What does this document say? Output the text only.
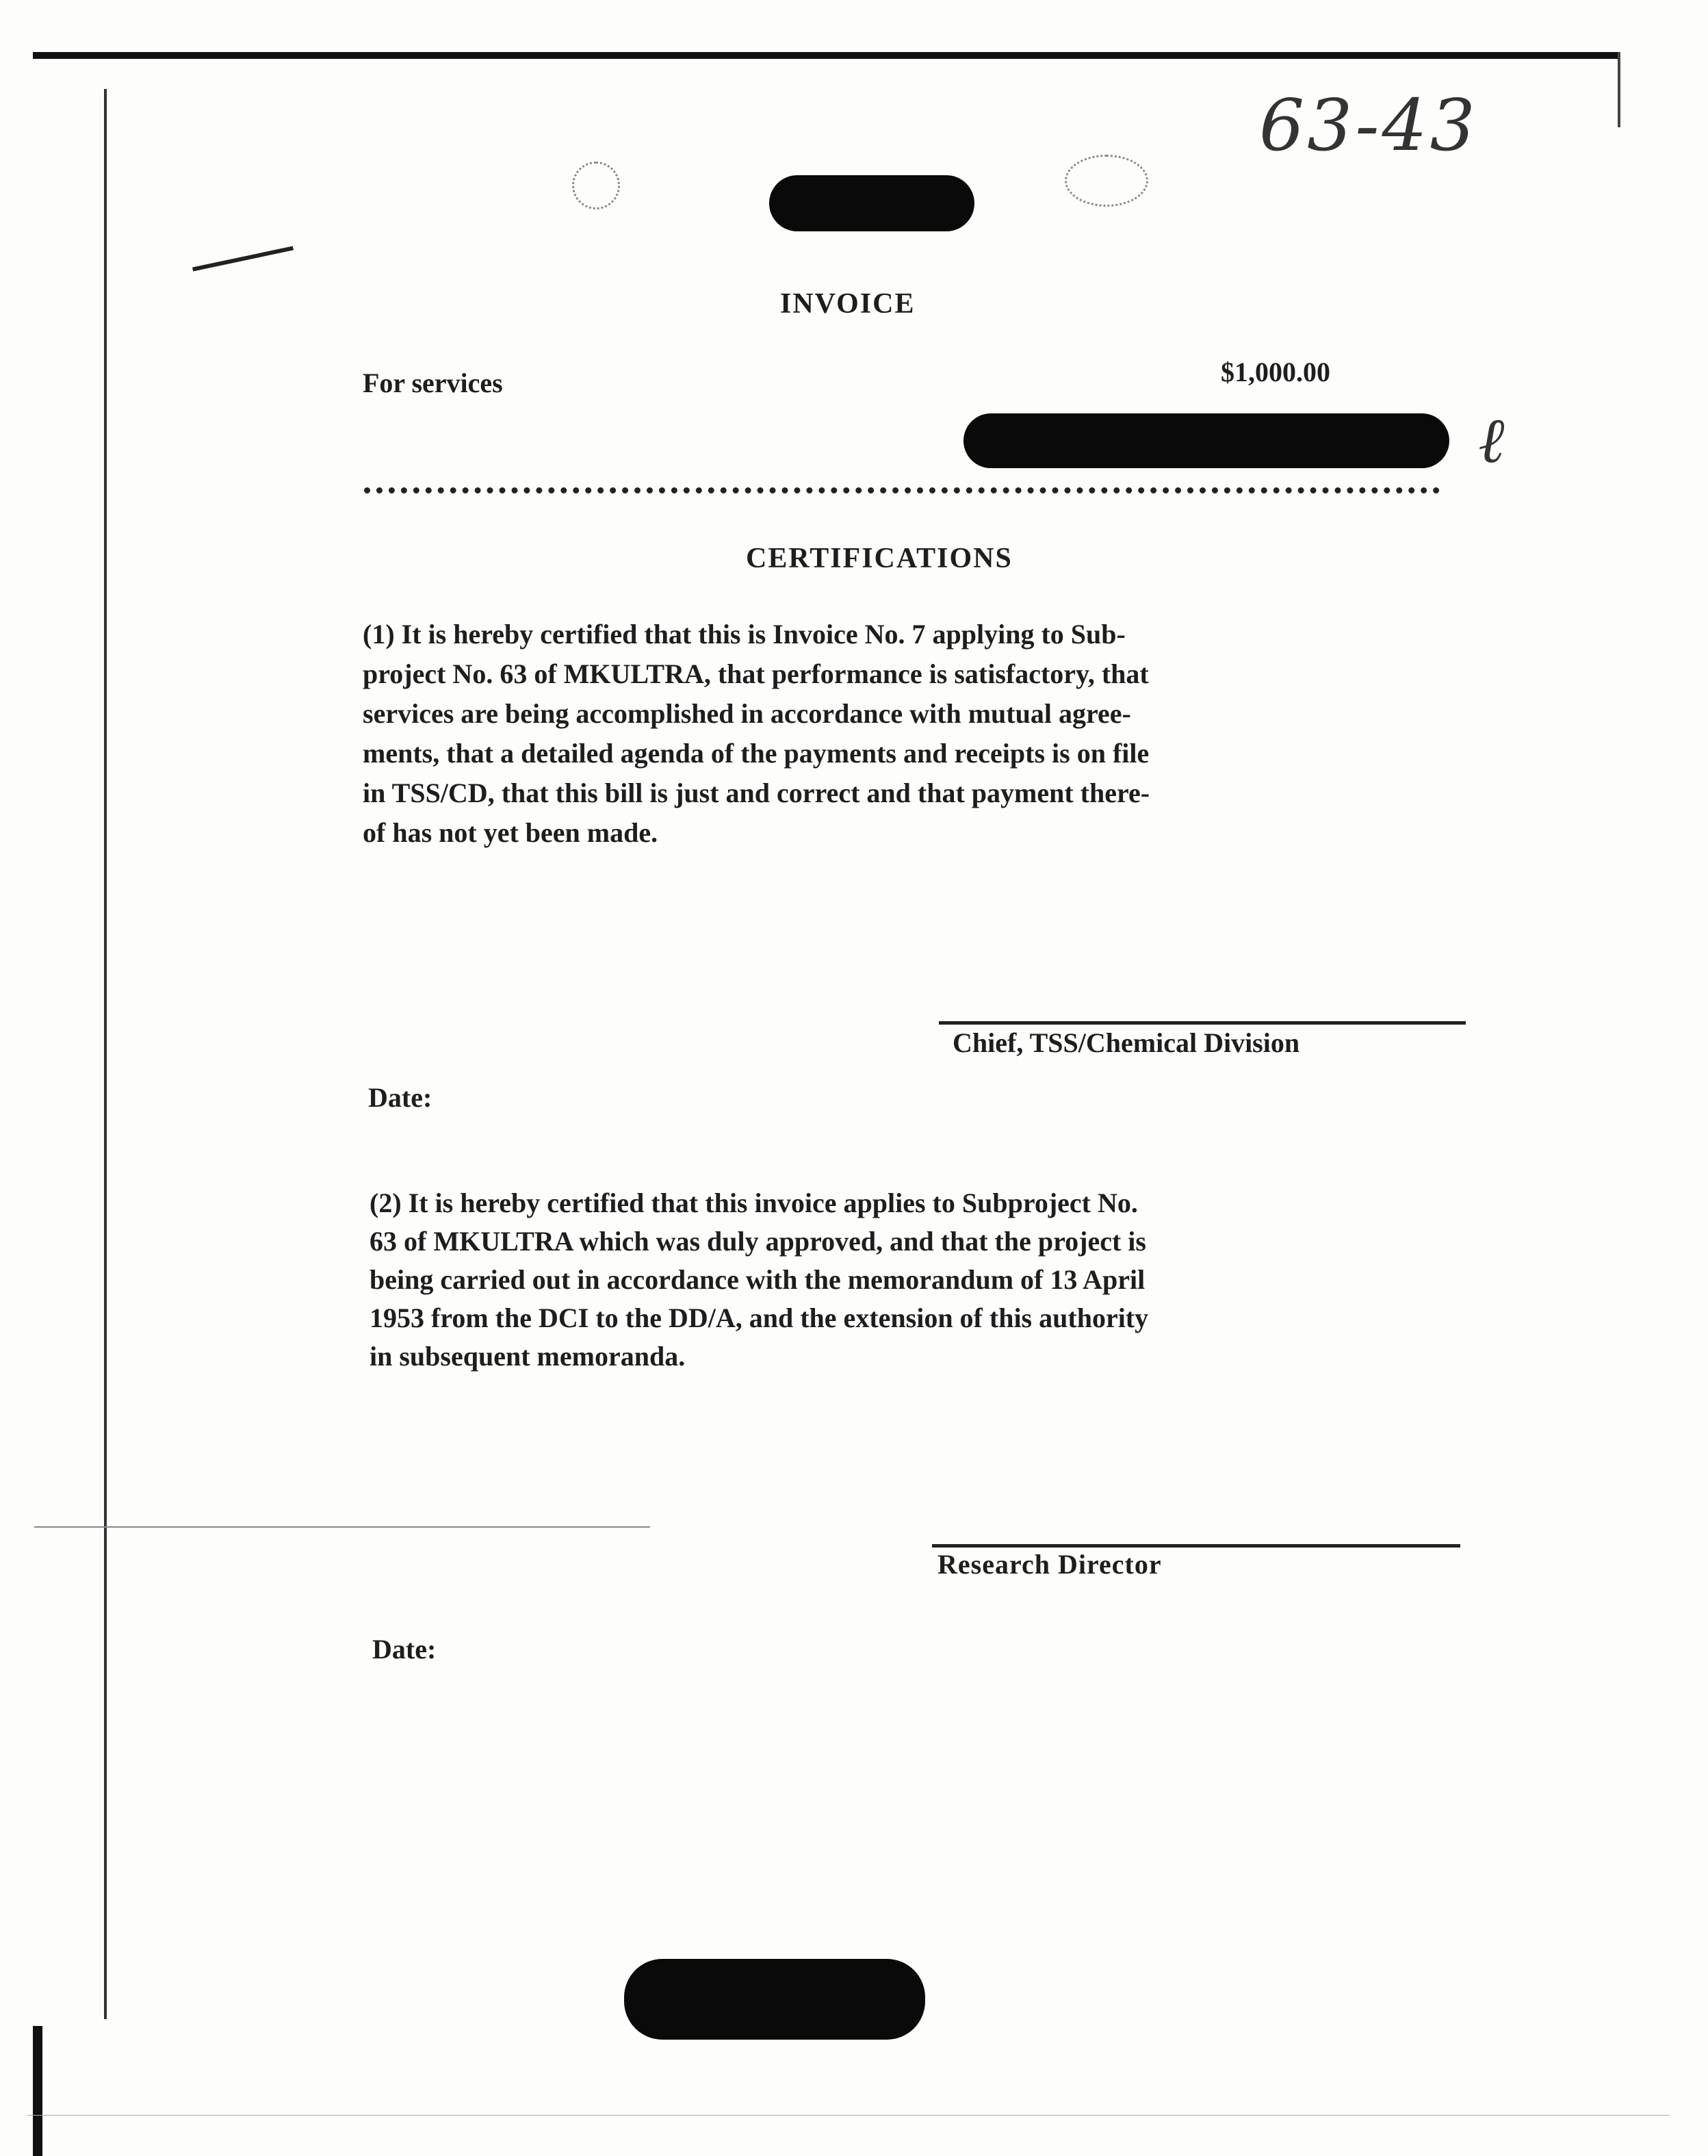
63-43
ℓ
INVOICE
For services	$1,000.00
CERTIFICATIONS

(1) It is hereby certified that this is Invoice No. 7 applying to Sub-

project No. 63 of MKULTRA, that performance is satisfactory, that

services are being accomplished in accordance with mutual agree-

ments, that a detailed agenda of the payments and receipts is on file

in TSS/CD, that this bill is just and correct and that payment there-

of has not yet been made.

Chief, TSS/Chemical Division
Date:

(2) It is hereby certified that this invoice applies to Subproject No.

63 of MKULTRA which was duly approved, and that the project is

being carried out in accordance with the memorandum of 13 April

1953 from the DCI to the DD/A, and the extension of this authority

in subsequent memoranda.

Research Director
Date:
